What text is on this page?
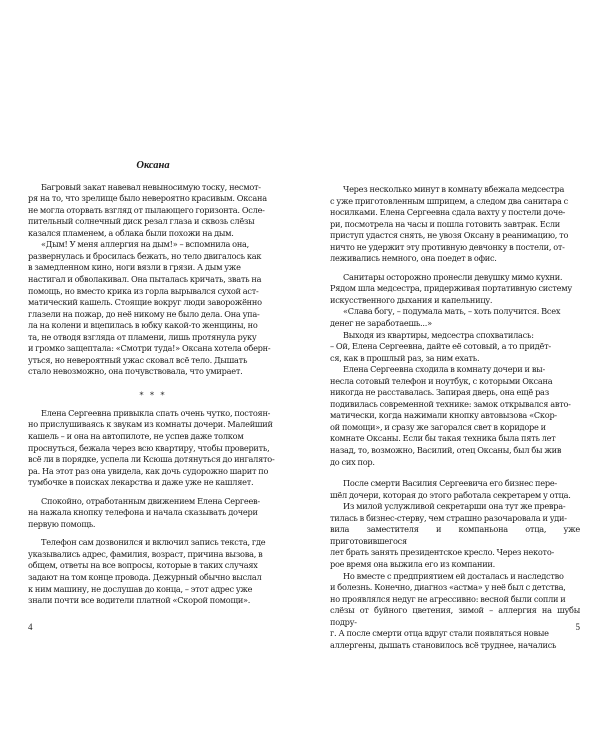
Оксана

Багровый закат навевал невыносимую тоску, несмот-
ря на то, что зрелище было невероятно красивым. Оксана
не могла оторвать взгляд от пылающего горизонта. Осле-
пительный солнечный диск резал глаза и сквозь слёзы
казался пламенем, а облака были похожи на дым.

«Дым! У меня аллергия на дым!» – вспомнила она,
развернулась и бросилась бежать, но тело двигалось как
в замедленном кино, ноги вязли в грязи. А дым уже
настигал и обволакивал. Она пыталась кричать, звать на
помощь, но вместо крика из горла вырывался сухой аст-
матический кашель. Стоящие вокруг люди заворожённо
глазели на пожар, до неё никому не было дела. Она упа-
ла на колени и вцепилась в юбку какой-то женщины, но
та, не отводя взгляда от пламени, лишь протянула руку
и громко защептала: «Смотри туда!» Оксана хотела оберн-
уться, но невероятный ужас сковал всё тело. Дышать
стало невозможно, она почувствовала, что умирает.

* * *

Елена Сергеевна привыкла спать очень чутко, постоян-
но прислушиваясь к звукам из комнаты дочери. Малейший
кашель – и она на автопилоте, не успев даже толком
проснуться, бежала через всю квартиру, чтобы проверить,
всё ли в порядке, успела ли Ксюша дотянуться до ингалято-
ра. На этот раз она увидела, как дочь судорожно шарит по
тумбочке в поисках лекарства и даже уже не кашляет.

Спокойно, отработанным движением Елена Сергеев-
на нажала кнопку телефона и начала сказывать дочери
первую помощь.

Телефон сам дозвонился и включил запись текста, где
указывались адрес, фамилия, возраст, причина вызова, в
общем, ответы на все вопросы, которые в таких случаях
задают на том конце провода. Дежурный обычно выслал
к ним машину, не дослушав до конца, – этот адрес уже
знали почти все водители платной «Скорой помощи».

4

Через несколько минут в комнату вбежала медсестра
с уже приготовленным шприцем, а следом два санитара с
носилками. Елена Сергеевна сдала вахту у постели доче-
ри, посмотрела на часы и пошла готовить завтрак. Если
приступ удастся снять, не увозя Оксану в реанимацию, то
ничто не удержит эту противную девчонку в постели, от-
леживались немного, она поедет в офис.

Санитары осторожно пронесли девушку мимо кухни.
Рядом шла медсестра, придерживая портативную систему
искусственного дыхания и капельницу.

«Слава богу, – подумала мать, – хоть получится. Всех
денег не заработаешь...»

Выходя из квартиры, медсестра спохватилась:
– Ой, Елена Сергеевна, дайте её сотовый, а то придёт-
ся, как в прошлый раз, за ним ехать.

Елена Сергеевна сходила в комнату дочери и вы-
несла сотовый телефон и ноутбук, с которыми Оксана
никогда не расставалась. Запирая дверь, она ещё раз
подивилась современной технике: замок открывался авто-
матически, когда нажимали кнопку автовызова «Скор-
ой помощи», и сразу же загорался свет в коридоре и
комнате Оксаны. Если бы такая техника была пять лет
назад, то, возможно, Василий, отец Оксаны, был бы жив
до сих пор.

После смерти Василия Сергеевича его бизнес пере-
шёл дочери, которая до этого работала секретарем у отца.

Из милой услужливой секретарши она тут же превра-
тилась в бизнес-стерву, чем страшно разочаровала и уди-
вила заместителя и компаньона отца, уже приготовившегося
лет брать занять президентское кресло. Через некото-
рое время она выжила его из компании.

Но вместе с предприятием ей досталась и наследство
и болезнь. Конечно, диагноз «астма» у неё был с детства,
но проявлялся недуг не агрессивно: весной были сопли и
слёзы от буйного цветения, зимой – аллергия на шубы подру-
г. А после смерти отца вдруг стали появляться новые
аллергены, дышать становилось всё труднее, начались

5
